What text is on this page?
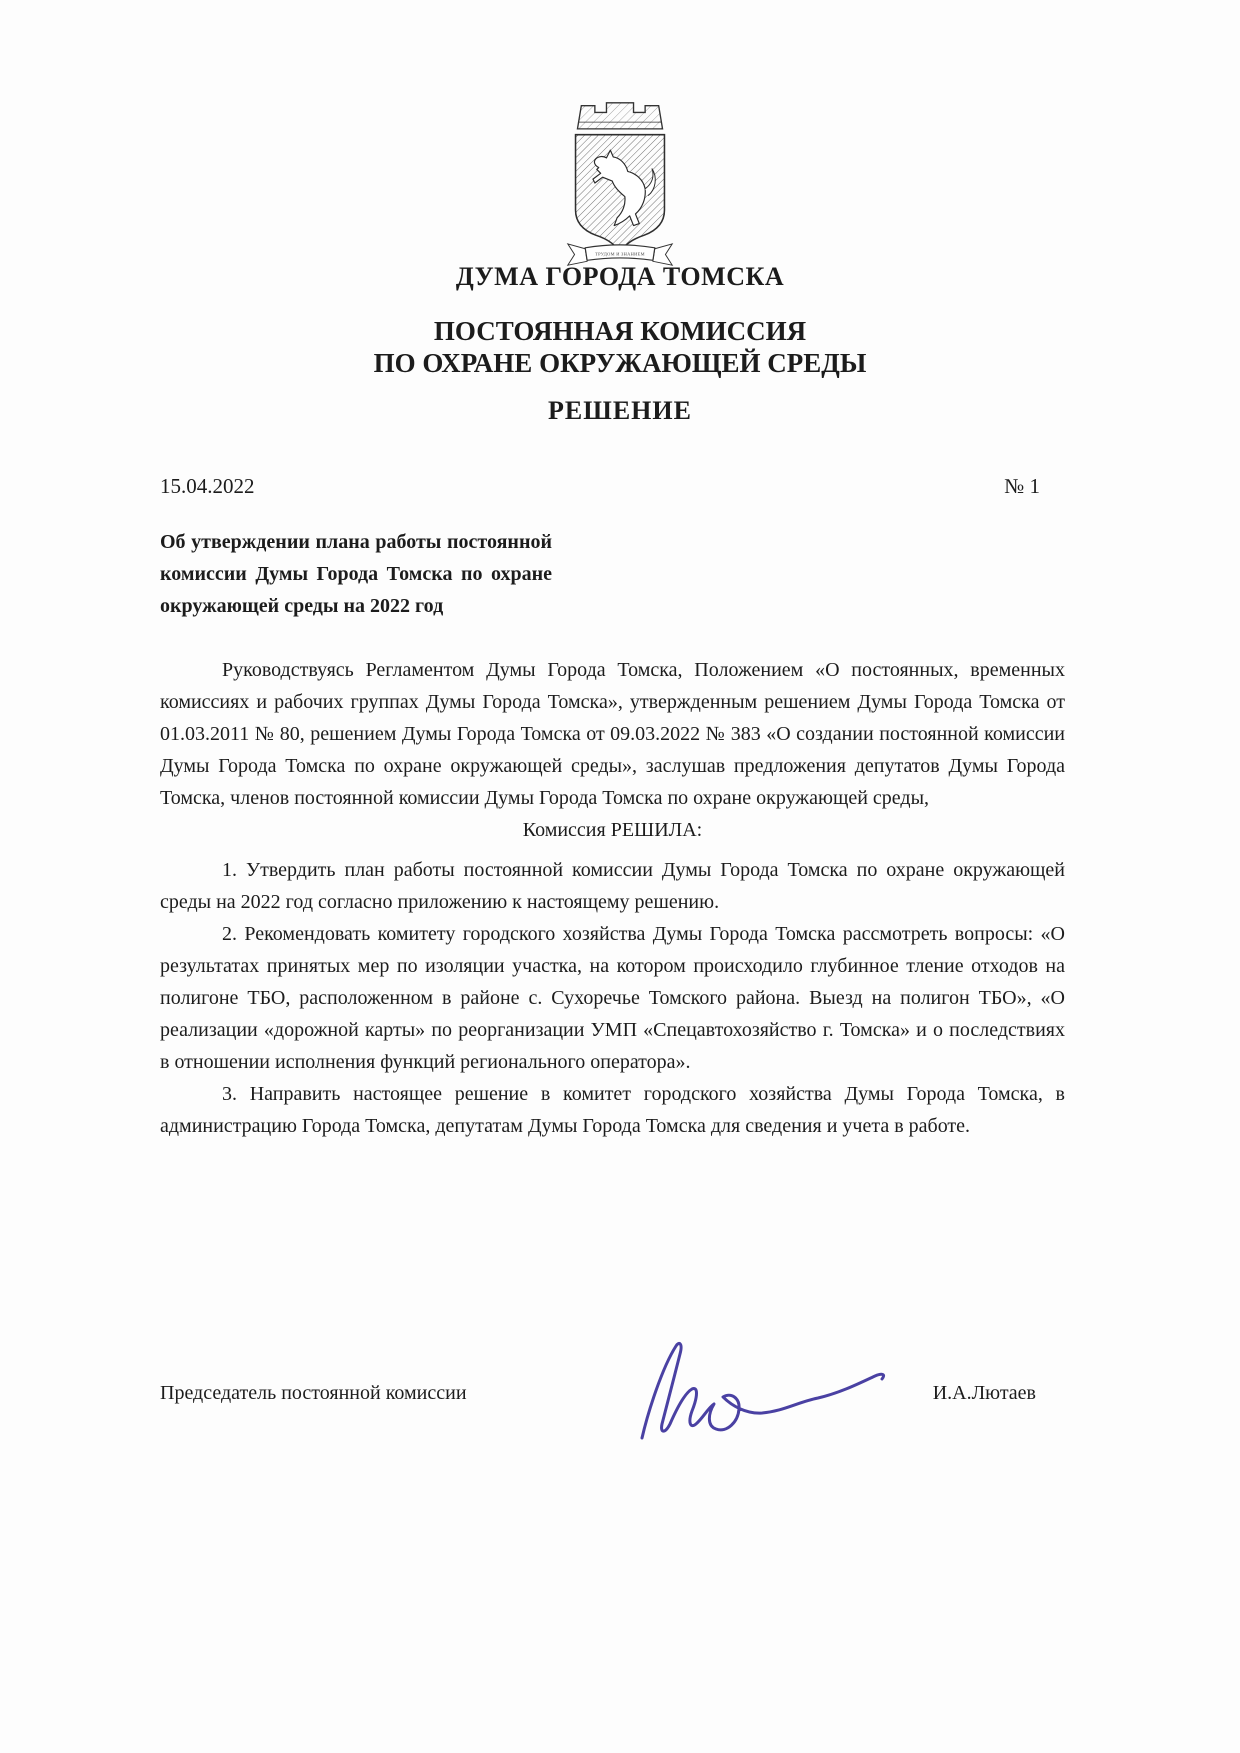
ТРУДОМ И ЗНАНИЕМ
ДУМА ГОРОДА ТОМСКА
ПОСТОЯННАЯ КОМИССИЯ
ПО ОХРАНЕ ОКРУЖАЮЩЕЙ СРЕДЫ
РЕШЕНИЕ
15.04.2022	№ 1
Об утверждении плана работы постоянной комиссии Думы Города Томска по охране окружающей среды на 2022 год

Руководствуясь Регламентом Думы Города Томска, Положением «О постоянных, временных комиссиях и рабочих группах Думы Города Томска», утвержденным решением Думы Города Томска от 01.03.2011 № 80, решением Думы Города Томска от 09.03.2022 № 383 «О создании постоянной комиссии Думы Города Томска по охране окружающей среды», заслушав предложения депутатов Думы Города Томска, членов постоянной комиссии Думы Города Томска по охране окружающей среды,

Комиссия РЕШИЛА:

1. Утвердить план работы постоянной комиссии Думы Города Томска по охране окружающей среды на 2022 год согласно приложению к настоящему решению.

2. Рекомендовать комитету городского хозяйства Думы Города Томска рассмотреть вопросы: «О результатах принятых мер по изоляции участка, на котором происходило глубинное тление отходов на полигоне ТБО, расположенном в районе с. Сухоречье Томского района. Выезд на полигон ТБО», «О реализации «дорожной карты» по реорганизации УМП «Спецавтохозяйство г. Томска» и о последствиях в отношении исполнения функций регионального оператора».

3. Направить настоящее решение в комитет городского хозяйства Думы Города Томска, в администрацию Города Томска, депутатам Думы Города Томска для сведения и учета в работе.

Председатель постоянной комиссии	И.А.Лютаев
